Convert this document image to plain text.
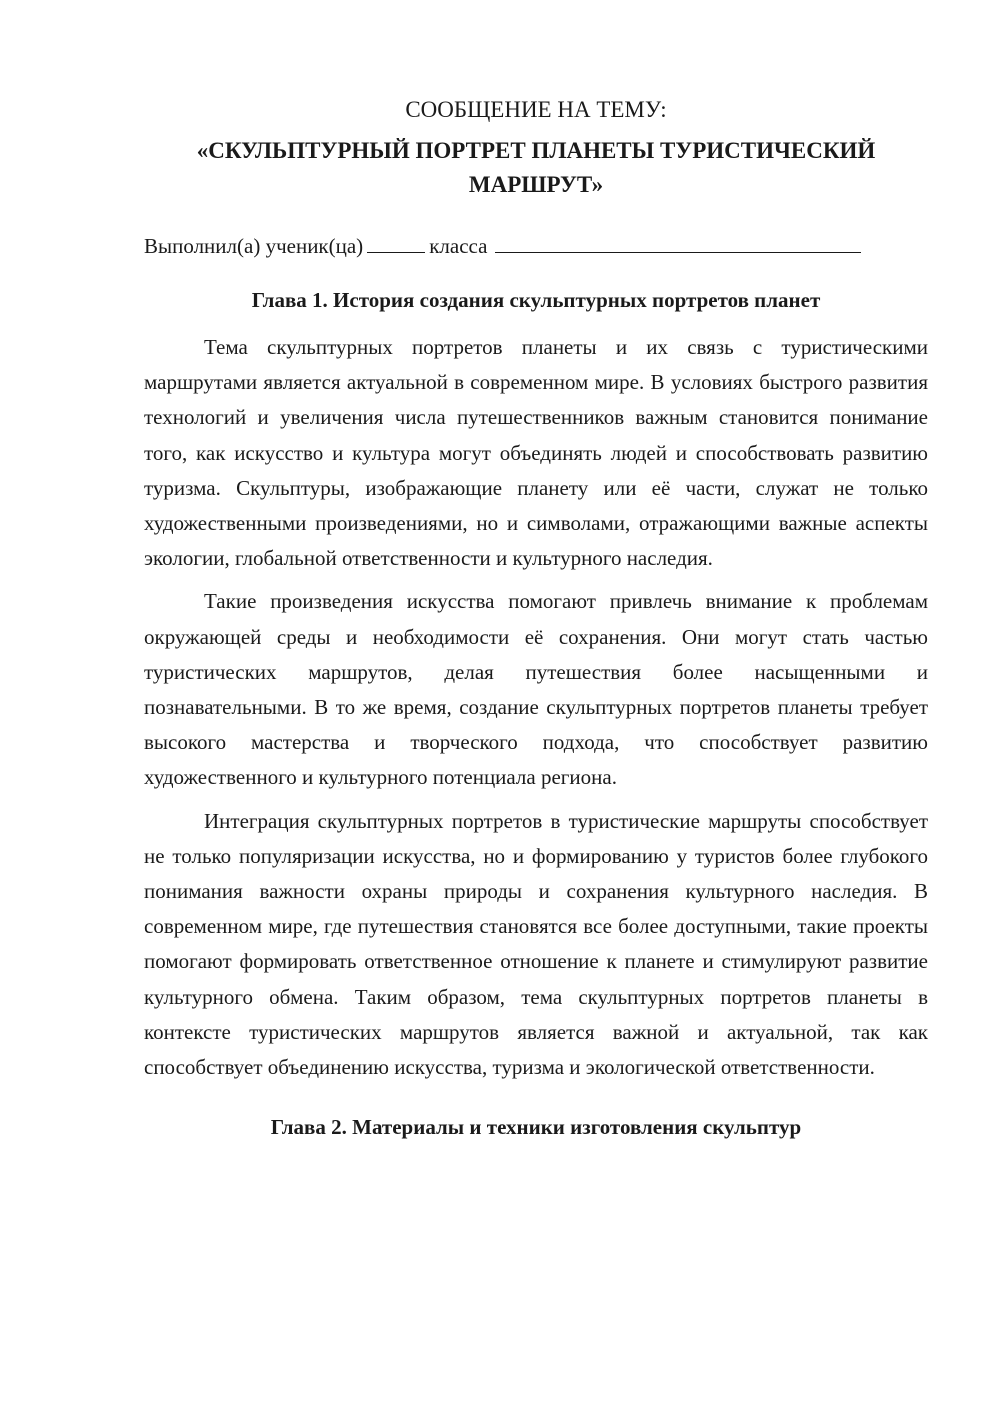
СООБЩЕНИЕ НА ТЕМУ:

«СКУЛЬПТУРНЫЙ ПОРТРЕТ ПЛАНЕТЫ ТУРИСТИЧЕСКИЙ МАРШРУТ»

Выполнил(а) ученик(ца)	класса

Глава 1. История создания скульптурных портретов планет

Тема скульптурных портретов планеты и их связь с туристическими маршрутами является актуальной в современном мире. В условиях быстрого развития технологий и увеличения числа путешественников важным становится понимание того, как искусство и культура могут объединять людей и способствовать развитию туризма. Скульптуры, изображающие планету или её части, служат не только художественными произведениями, но и символами, отражающими важные аспекты экологии, глобальной ответственности и культурного наследия.

Такие произведения искусства помогают привлечь внимание к проблемам окружающей среды и необходимости её сохранения. Они могут стать частью туристических маршрутов, делая путешествия более насыщенными и познавательными. В то же время, создание скульптурных портретов планеты требует высокого мастерства и творческого подхода, что способствует развитию художественного и культурного потенциала региона.

Интеграция скульптурных портретов в туристические маршруты способствует не только популяризации искусства, но и формированию у туристов более глубокого понимания важности охраны природы и сохранения культурного наследия. В современном мире, где путешествия становятся все более доступными, такие проекты помогают формировать ответственное отношение к планете и стимулируют развитие культурного обмена. Таким образом, тема скульптурных портретов планеты в контексте туристических маршрутов является важной и актуальной, так как способствует объединению искусства, туризма и экологической ответственности.

Глава 2. Материалы и техники изготовления скульптур
